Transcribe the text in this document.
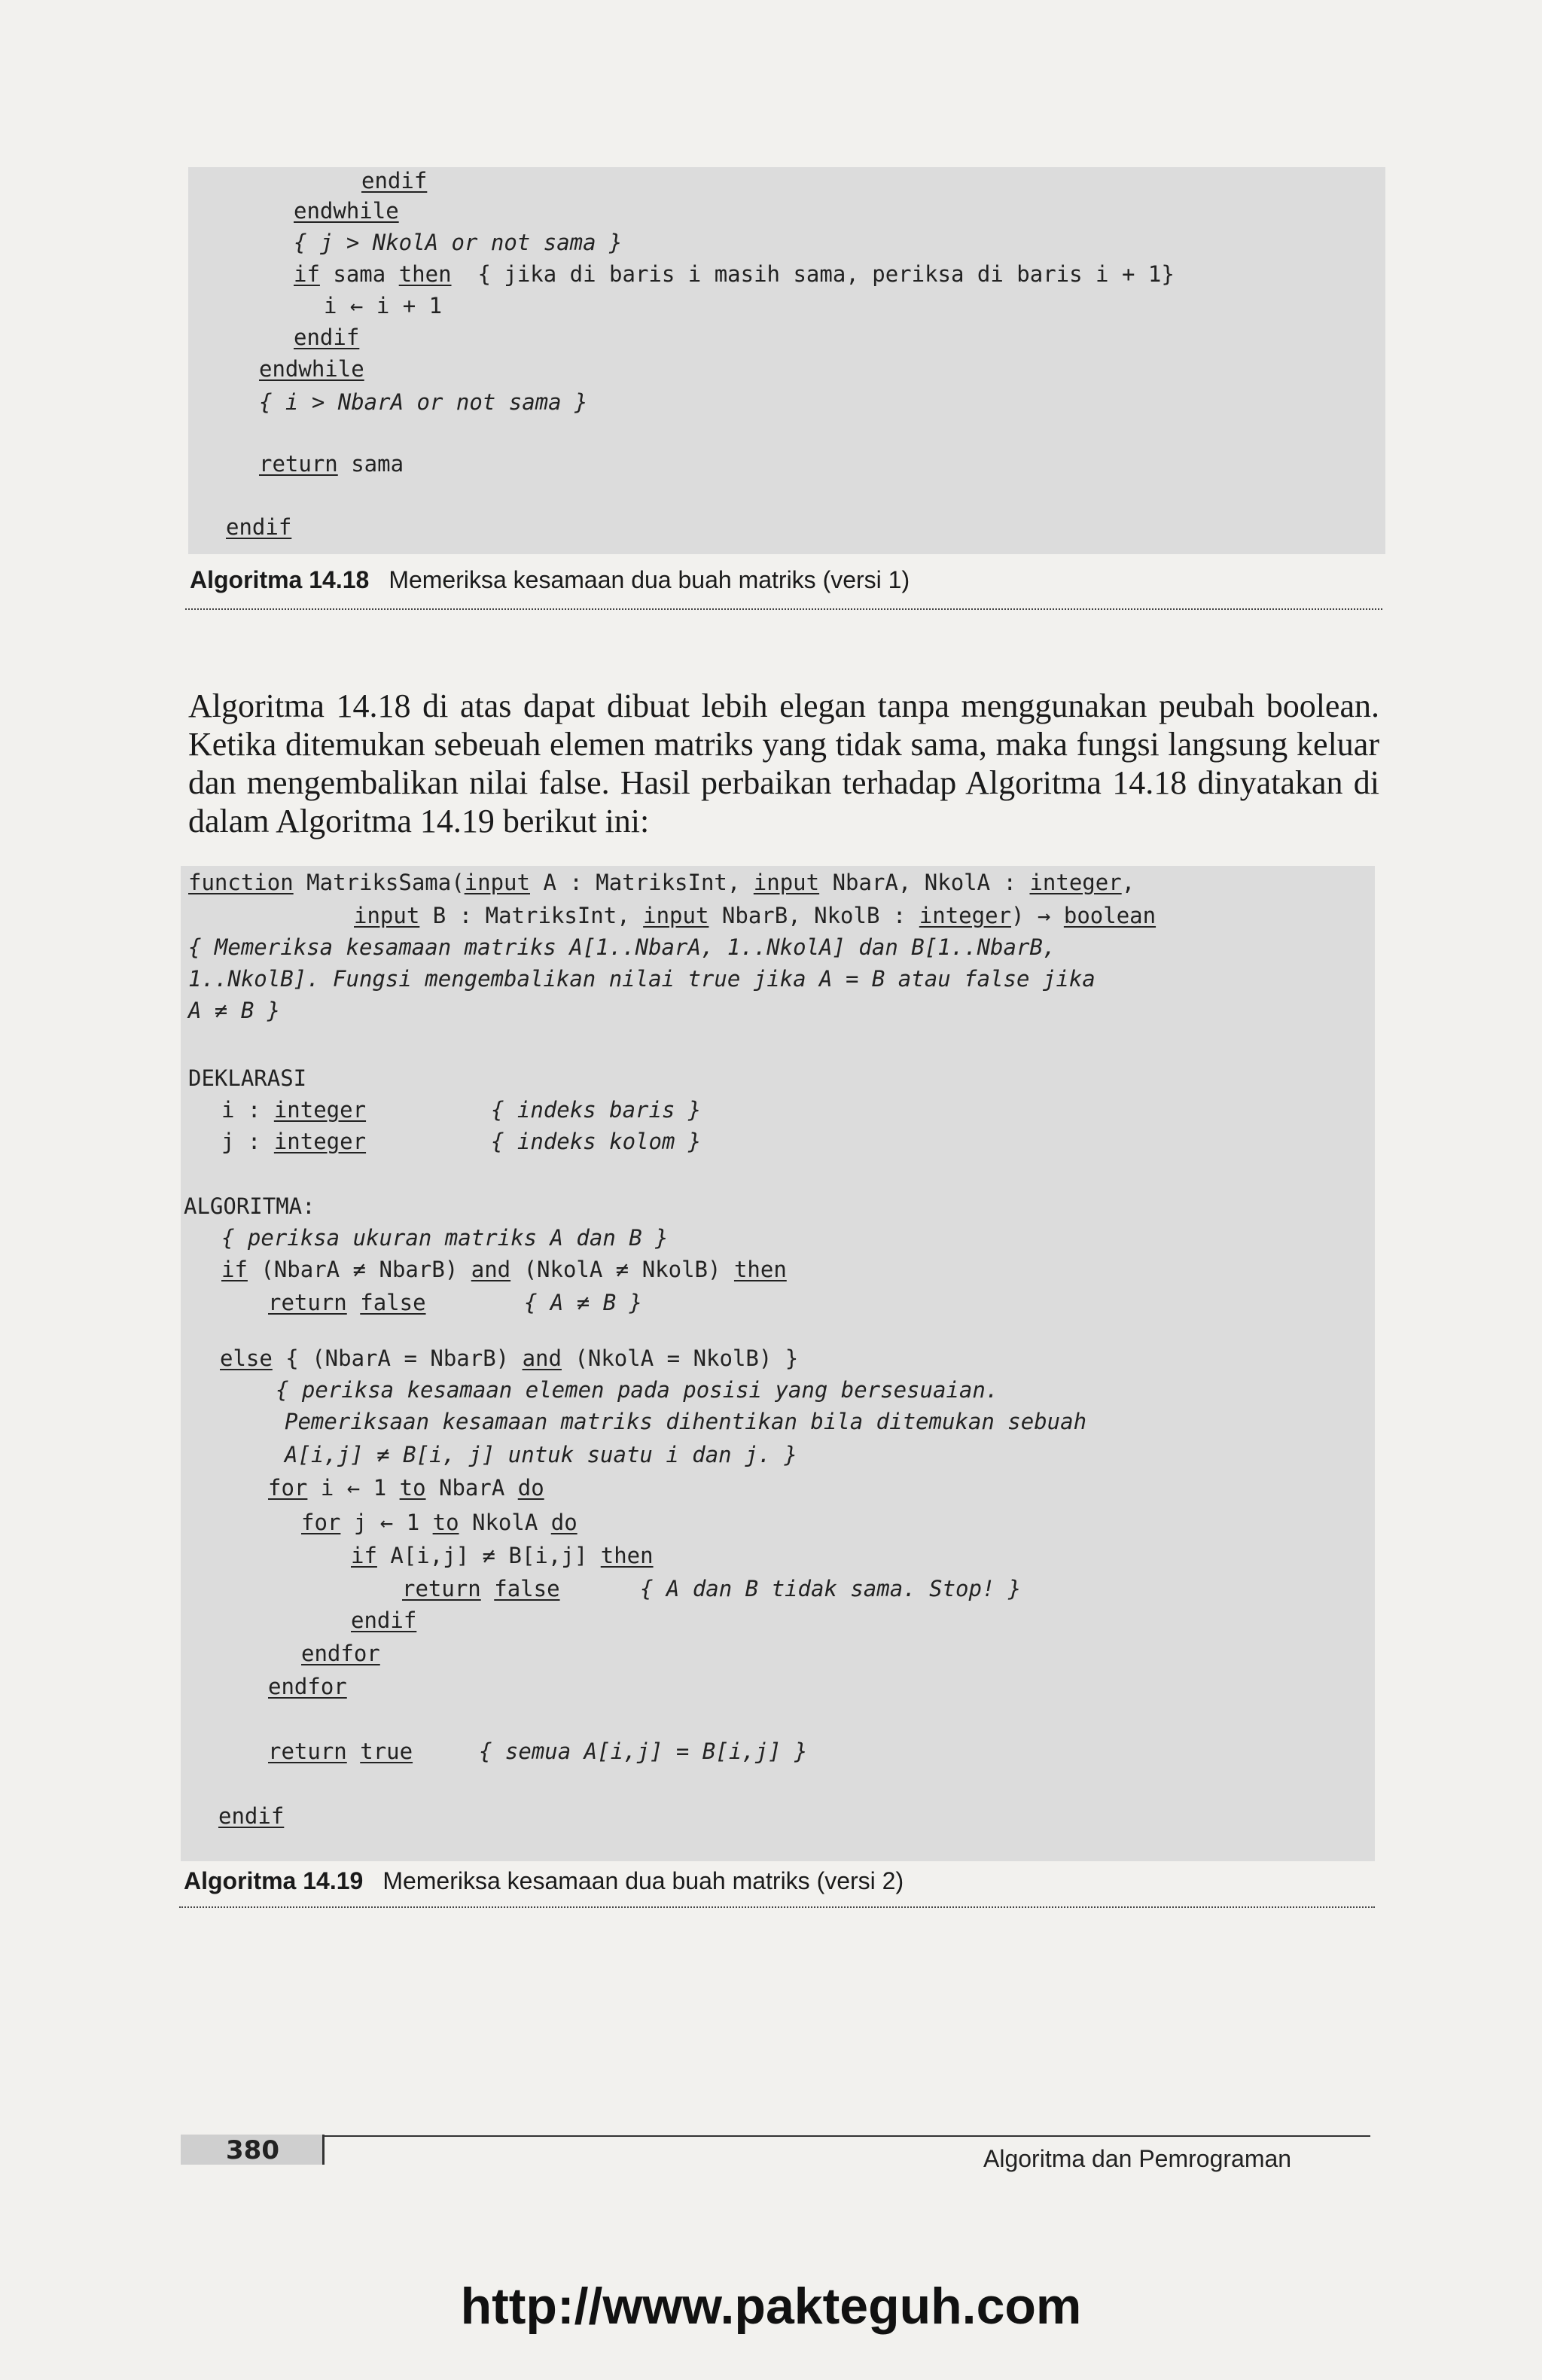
endif
endwhile
{ j > NkolA or not sama }
if sama then  { jika di baris i masih sama, periksa di baris i + 1}
i ← i + 1
endif
endwhile
{ i > NbarA or not sama }
return sama
endif
Algoritma 14.18 Memeriksa kesamaan dua buah matriks (versi 1)

Algoritma 14.18 di atas dapat dibuat lebih elegan tanpa menggunakan peubah boolean. Ketika ditemukan sebeuah elemen matriks yang tidak sama, maka fungsi langsung keluar dan mengembalikan nilai false. Hasil perbaikan terhadap Algoritma 14.18 dinyatakan di dalam Algoritma 14.19 berikut ini:

function MatriksSama(input A : MatriksInt, input NbarA, NkolA : integer,
input B : MatriksInt, input NbarB, NkolB : integer) → boolean
{ Memeriksa kesamaan matriks A[1..NbarA, 1..NkolA] dan B[1..NbarB,
1..NkolB]. Fungsi mengembalikan nilai true jika A = B atau false jika
A ≠ B }
DEKLARASI
i : integer	{ indeks baris }
j : integer	{ indeks kolom }
ALGORITMA:
{ periksa ukuran matriks A dan B }
if (NbarA ≠ NbarB) and (NkolA ≠ NkolB) then
return false	{ A ≠ B }
else { (NbarA = NbarB) and (NkolA = NkolB) }
{ periksa kesamaan elemen pada posisi yang bersesuaian.
Pemeriksaan kesamaan matriks dihentikan bila ditemukan sebuah
A[i,j] ≠ B[i, j] untuk suatu i dan j. }
for i ← 1 to NbarA do
for j ← 1 to NkolA do
if A[i,j] ≠ B[i,j] then
return false	{ A dan B tidak sama. Stop! }
endif
endfor
endfor
return true	{ semua A[i,j] = B[i,j] }
endif
Algoritma 14.19 Memeriksa kesamaan dua buah matriks (versi 2)
380	Algoritma dan Pemrograman
http://www.pakteguh.com
